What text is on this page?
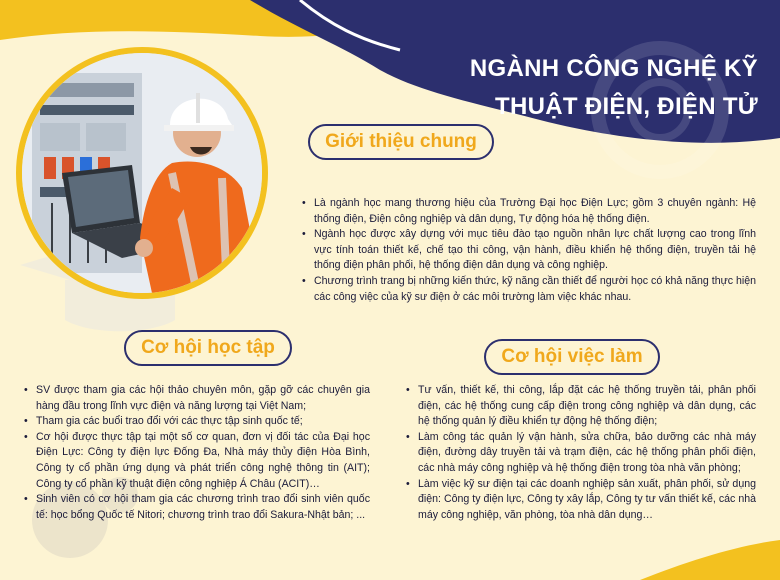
NGÀNH CÔNG NGHỆ KỸ
THUẬT ĐIỆN, ĐIỆN TỬ
Giới thiệu chung
• Là ngành học mang thương hiệu của Trường Đại học Điện Lực; gồm 3 chuyên ngành: Hệ thống điện, Điện công nghiệp và dân dụng, Tự động hóa hệ thống điện.
• Ngành học được xây dựng với mục tiêu đào tạo nguồn nhân lực chất lượng cao trong lĩnh vực tính toán thiết kế, chế tạo thi công, vận hành, điều khiển hệ thống điện, truyền tải hệ thống điện phân phối, hệ thống điện dân dụng và công nghiệp.
• Chương trình trang bị những kiến thức, kỹ năng cần thiết để người học có khả năng thực hiện các công việc của kỹ sư điện ở các môi trường làm việc khác nhau.
Cơ hội học tập
• SV được tham gia các hội thảo chuyên môn, gặp gỡ các chuyên gia hàng đầu trong lĩnh vực điện và năng lượng tại Việt Nam;
• Tham gia các buổi trao đổi với các thực tập sinh quốc tế;
• Cơ hội được thực tập tại một số cơ quan, đơn vị đối tác của Đại học Điện Lực: Công ty điện lực Đống Đa, Nhà máy thủy điện Hòa Bình, Công ty cổ phần ứng dụng và phát triển công nghệ thông tin (AIT); Công ty cổ phần kỹ thuật điện công nghiệp Á Châu (ACIT)…
• Sinh viên có cơ hội tham gia các chương trình trao đổi sinh viên quốc tế: học bổng Quốc tế Nitori; chương trình trao đổi Sakura-Nhật bản; ...
Cơ hội việc làm
• Tư vấn, thiết kế, thi công, lắp đặt các hệ thống truyền tải, phân phối điện, các hệ thống cung cấp điện trong công nghiệp và dân dụng, các hệ thống quản lý điều khiển tự động hệ thống điện;
• Làm công tác quản lý vận hành, sửa chữa, bảo dưỡng các nhà máy điện, đường dây truyền tải và trạm điện, các hệ thống phân phối điện, các nhà máy công nghiệp và hệ thống điện trong tòa nhà văn phòng;
• Làm việc kỹ sư điện tại các doanh nghiệp sản xuất, phân phối, sử dụng điện: Công ty điện lực, Công ty xây lắp, Công ty tư vấn thiết kế, các nhà máy công nghiệp, văn phòng, tòa nhà dân dụng…
